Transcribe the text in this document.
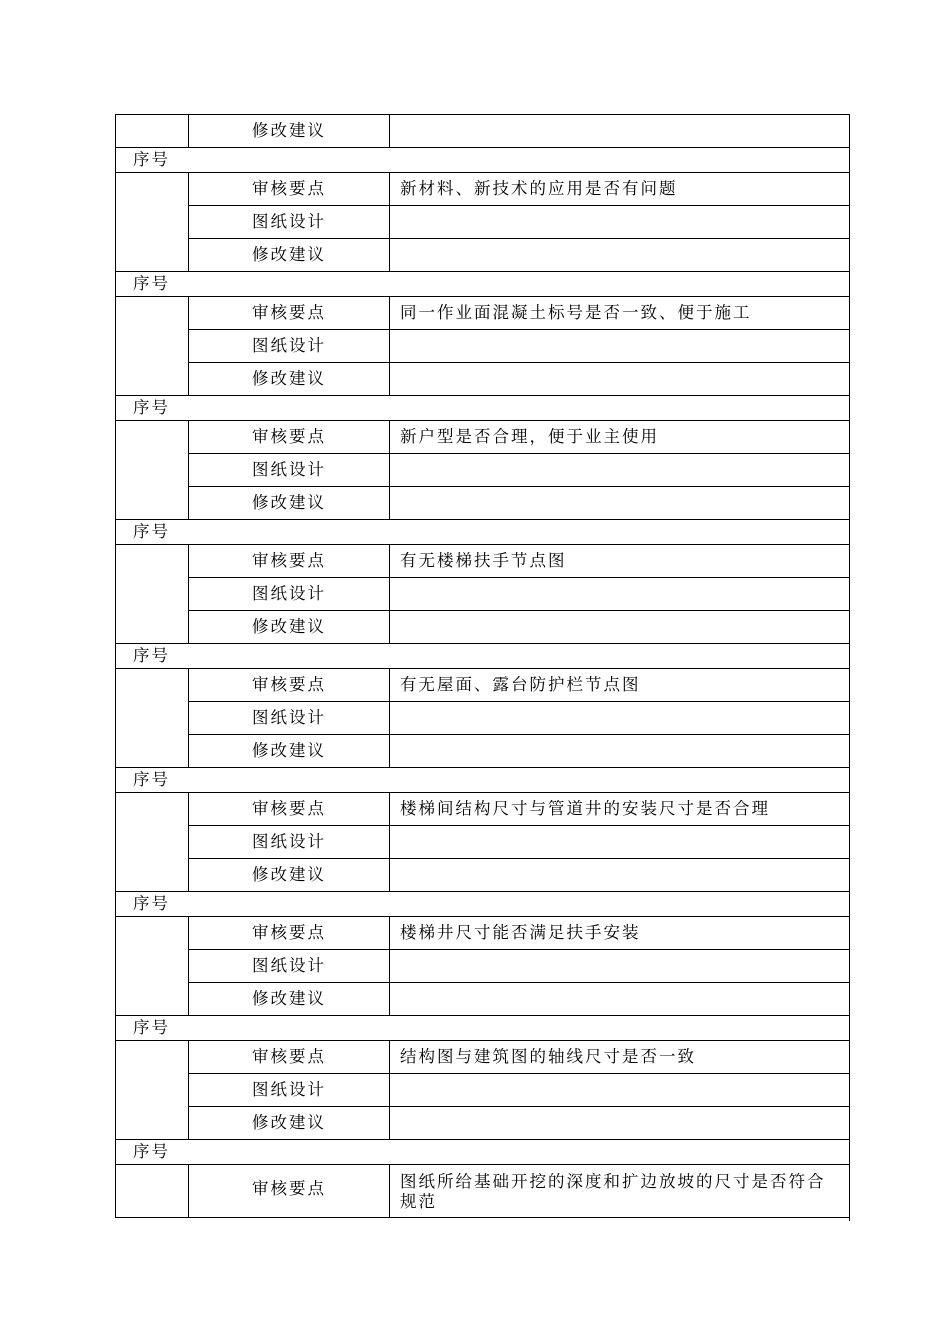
	修改建议	
序号		
	审核要点	新材料、新技术的应用是否有问题
	图纸设计	
	修改建议	
序号		
	审核要点	同一作业面混凝土标号是否一致、便于施工
	图纸设计	
	修改建议	
序号		
	审核要点	新户型是否合理，便于业主使用
	图纸设计	
	修改建议	
序号		
	审核要点	有无楼梯扶手节点图
	图纸设计	
	修改建议	
序号		
	审核要点	有无屋面、露台防护栏节点图
	图纸设计	
	修改建议	
序号		
	审核要点	楼梯间结构尺寸与管道井的安装尺寸是否合理
	图纸设计	
	修改建议	
序号		
	审核要点	楼梯井尺寸能否满足扶手安装
	图纸设计	
	修改建议	
序号		
	审核要点	结构图与建筑图的轴线尺寸是否一致
	图纸设计	
	修改建议	
序号		
	审核要点	图纸所给基础开挖的深度和扩边放坡的尺寸是否符合规范
